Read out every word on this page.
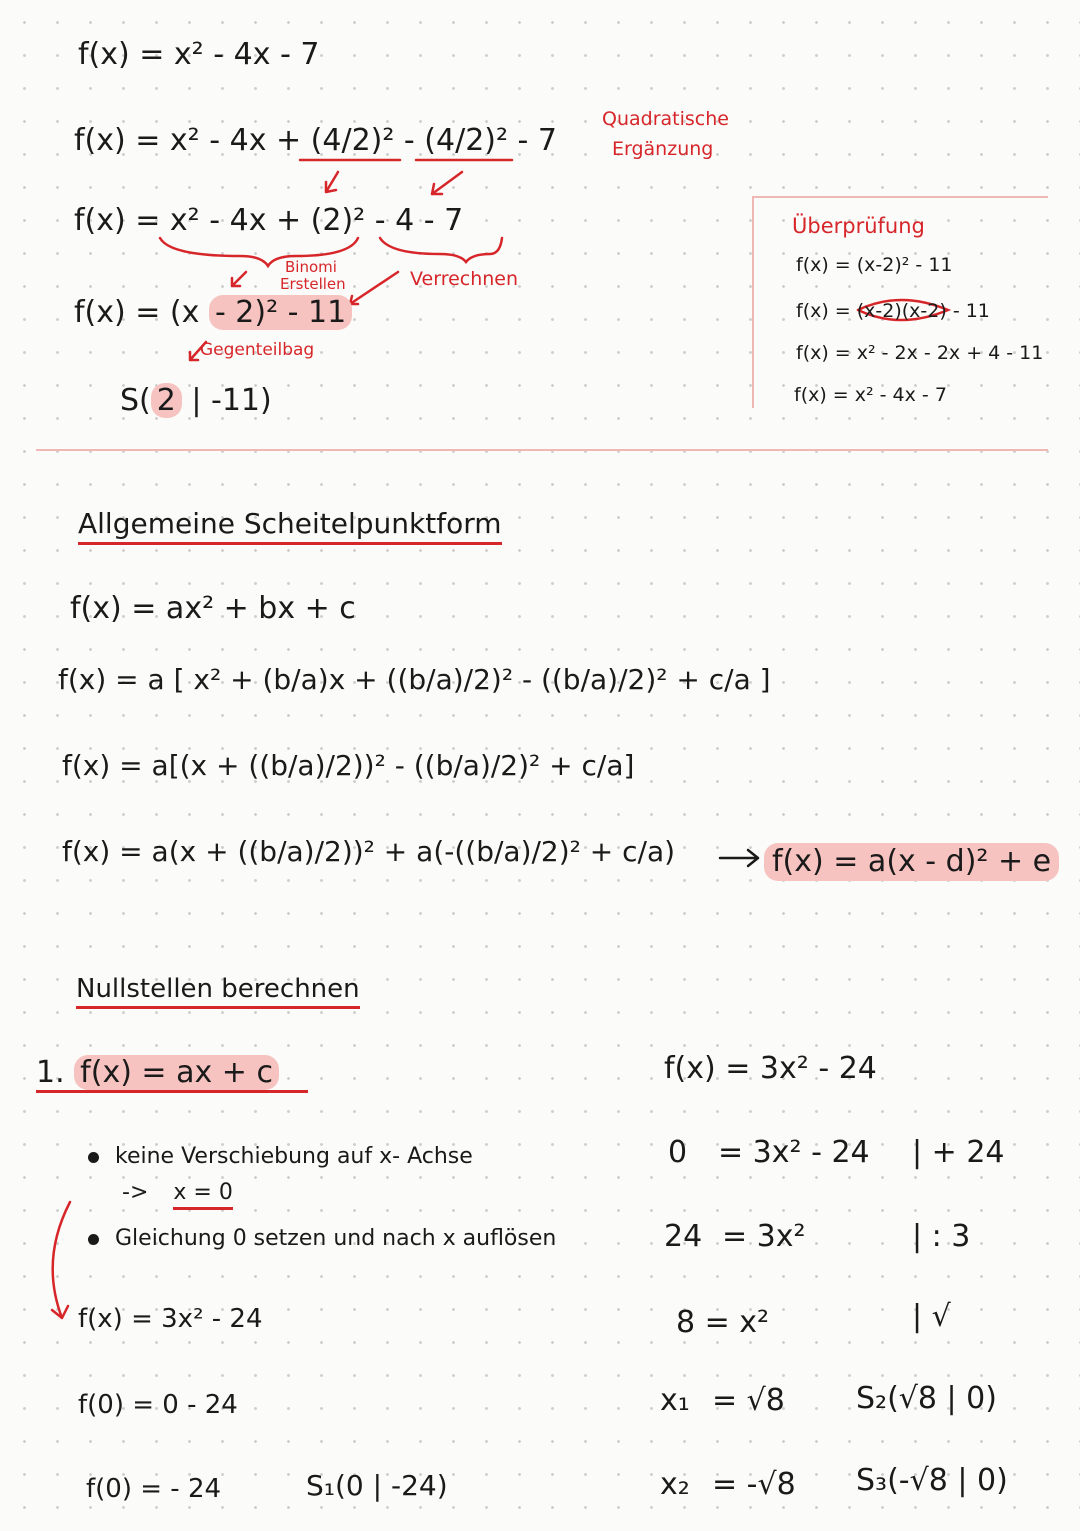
f(x) = x² - 4x - 7
f(x) = x² - 4x + (4/2)² - (4/2)² - 7
Quadratische
Ergänzung
f(x) = x² - 4x + (2)² - 4 - 7
Binomi
Erstellen	Verrechnen
f(x) = (x - 2)² - 11
Gegenteilbag
S( 2 | -11)
Überprüfung
f(x) = (x-2)² - 11
f(x) = (x-2)(x-2) - 11
f(x) = x² - 2x - 2x + 4 - 11
f(x) = x² - 4x - 7
Allgemeine Scheitelpunktform
f(x) = ax² + bx + c
f(x) = a [ x² + (b/a)x + ((b/a)/2)² - ((b/a)/2)² + c/a ]
f(x) = a[(x + ((b/a)/2))² - ((b/a)/2)² + c/a]
f(x) = a(x + ((b/a)/2))² + a(-((b/a)/2)² + c/a)	f(x) = a(x - d)² + e
Nullstellen berechnen
1. f(x) = ax + c
keine Verschiebung auf x- Achse
-> x = 0
Gleichung 0 setzen und nach x auflösen
f(x) = 3x² - 24
f(0) = 0 - 24
f(0) = - 24	S₁(0 | -24)
f(x) = 3x² - 24
0 = 3x² - 24 | + 24
24 = 3x²	| : 3
8 = x²	| √
x₁ = √8 S₂(√8 | 0)
x₂ = -√8 S₃(-√8 | 0)
